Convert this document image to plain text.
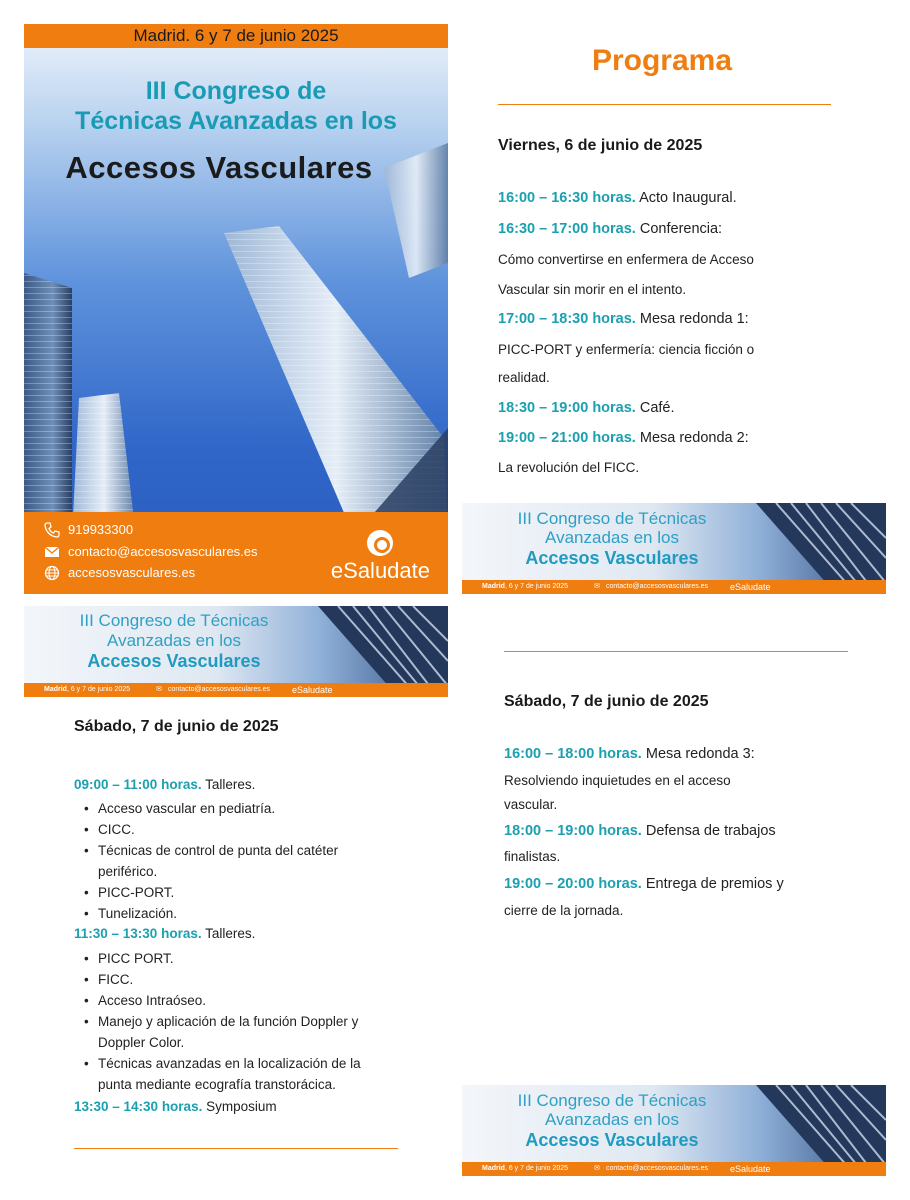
Madrid. 6 y 7 de junio 2025
III Congreso de
Técnicas Avanzadas en los
Accesos Vasculares
919933300
contacto@accesosvasculares.es
accesosvasculares.es	eSaludate
Programa
Viernes, 6 de junio de 2025
16:00 – 16:30 horas. Acto Inaugural.
16:30 – 17:00 horas. Conferencia:
Cómo convertirse en enfermera de Acceso
Vascular sin morir en el intento.
17:00 – 18:30 horas. Mesa redonda 1:
PICC-PORT y enfermería: ciencia ficción o
realidad.
18:30 – 19:00 horas. Café.
19:00 – 21:00 horas. Mesa redonda 2:
La revolución del FICC.
III Congreso de Técnicas
Avanzadas en los
Accesos Vasculares
Madrid, 6 y 7 de junio 2025	✉ contacto@accesosvasculares.es eSaludate
III Congreso de Técnicas
Avanzadas en los
Accesos Vasculares
Madrid, 6 y 7 de junio 2025	✉ contacto@accesosvasculares.es eSaludate
Sábado, 7 de junio de 2025
09:00 – 11:00 horas. Talleres.
• Acceso vascular en pediatría.
• CICC.
• Técnicas de control de punta del catéter
periférico.
• PICC-PORT.
• Tunelización.
11:30 – 13:30 horas. Talleres.
• PICC PORT.
• FICC.
• Acceso Intraóseo.
• Manejo y aplicación de la función Doppler y
Doppler Color.
• Técnicas avanzadas en la localización de la
punta mediante ecografía transtorácica.
13:30 – 14:30 horas. Symposium
Sábado, 7 de junio de 2025
16:00 – 18:00 horas. Mesa redonda 3:
Resolviendo inquietudes en el acceso
vascular.
18:00 – 19:00 horas. Defensa de trabajos
finalistas.
19:00 – 20:00 horas. Entrega de premios y
cierre de la jornada.
III Congreso de Técnicas
Avanzadas en los
Accesos Vasculares
Madrid, 6 y 7 de junio 2025	✉ contacto@accesosvasculares.es eSaludate
